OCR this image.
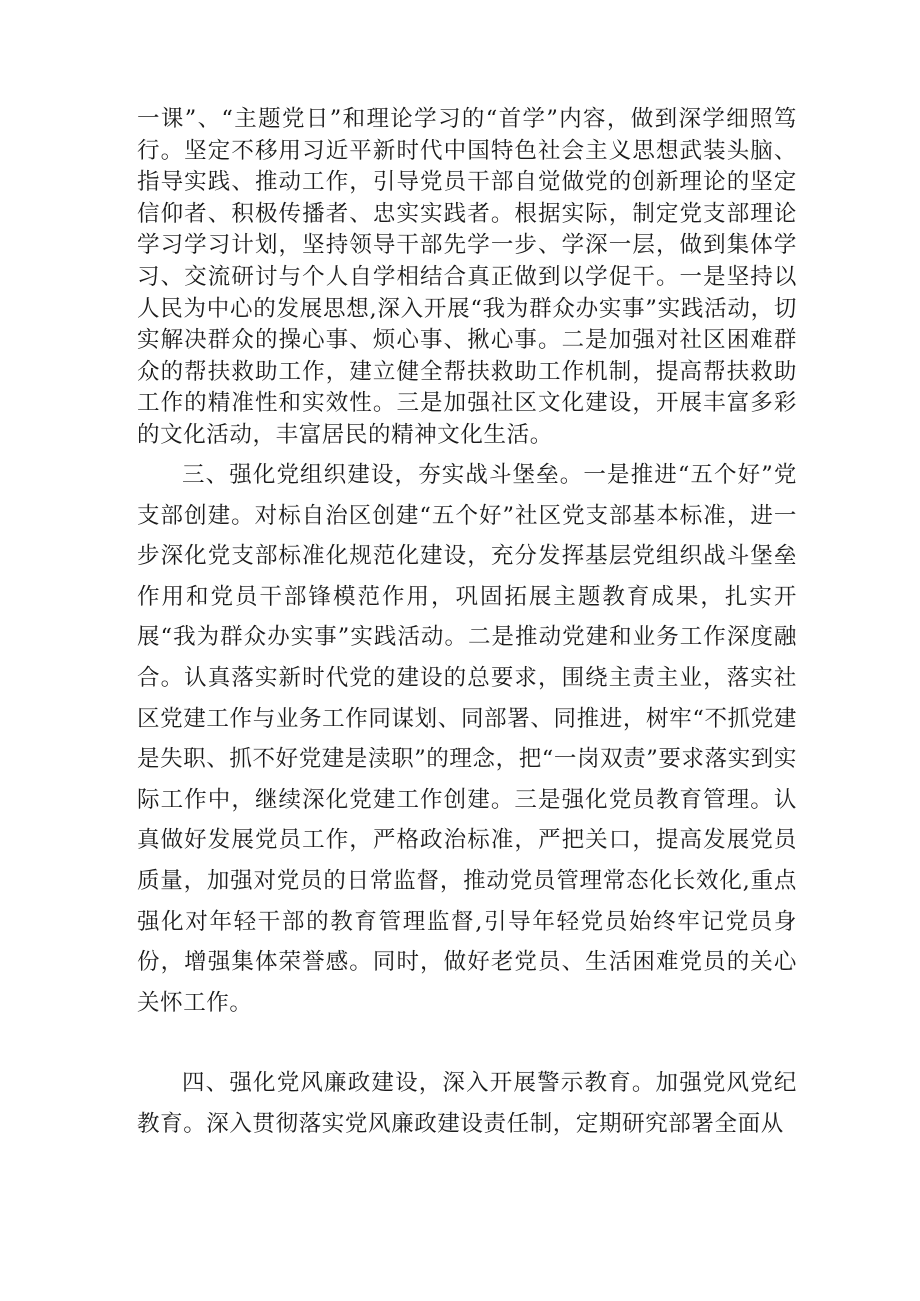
一课”、“主题党日”和理论学习的“首学”内容，做到深学细照笃行。坚定不移用习近平新时代中国特色社会主义思想武装头脑、指导实践、推动工作，引导党员干部自觉做党的创新理论的坚定信仰者、积极传播者、忠实实践者。根据实际，制定党支部理论学习学习计划，坚持领导干部先学一步、学深一层，做到集体学习、交流研讨与个人自学相结合真正做到以学促干。一是坚持以人民为中心的发展思想,深入开展“我为群众办实事”实践活动，切实解决群众的操心事、烦心事、揪心事。二是加强对社区困难群众的帮扶救助工作，建立健全帮扶救助工作机制，提高帮扶救助工作的精准性和实效性。三是加强社区文化建设，开展丰富多彩的文化活动，丰富居民的精神文化生活。

三、强化党组织建设，夯实战斗堡垒。一是推进“五个好”党支部创建。对标自治区创建“五个好”社区党支部基本标准，进一步深化党支部标准化规范化建设，充分发挥基层党组织战斗堡垒作用和党员干部锋模范作用，巩固拓展主题教育成果，扎实开展“我为群众办实事”实践活动。二是推动党建和业务工作深度融合。认真落实新时代党的建设的总要求，围绕主责主业，落实社区党建工作与业务工作同谋划、同部署、同推进，树牢“不抓党建是失职、抓不好党建是渎职”的理念，把“一岗双责”要求落实到实际工作中，继续深化党建工作创建。三是强化党员教育管理。认真做好发展党员工作，严格政治标准，严把关口，提高发展党员质量，加强对党员的日常监督，推动党员管理常态化长效化,重点强化对年轻干部的教育管理监督,引导年轻党员始终牢记党员身份，增强集体荣誉感。同时，做好老党员、生活困难党员的关心关怀工作。

四、强化党风廉政建设，深入开展警示教育。加强党风党纪教育。深入贯彻落实党风廉政建设责任制，定期研究部署全面从
